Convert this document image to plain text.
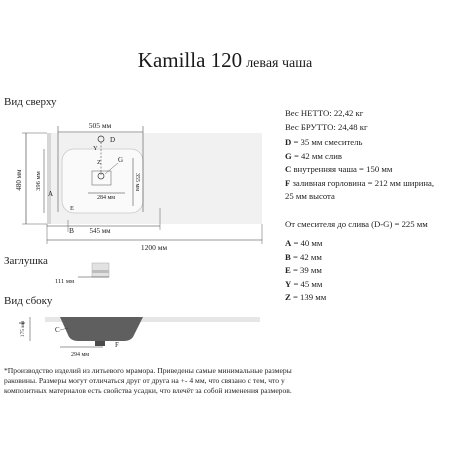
Kamilla 120 левая чаша
Вид сверху
Заглушка
Вид сбоку
505 мм
D
Y
Z G
284 мм
355 мм
E
480 мм 396 мм
A
B 545 мм
1200 мм
111 мм
175 мм	C
F
294 мм
Вес НЕТТО: 22,42 кг
Вес БРУТТО: 24,48 кг
D = 35 мм смеситель
G = 42 мм слив
C внутренняя чаша = 150 мм
F заливная горловина = 212 мм ширина,
25 мм высота
От смесителя до слива (D-G) = 225 мм
A = 40 мм
B = 42 мм
E = 39 мм
Y = 45 мм
Z = 139 мм
*Производство изделий из литьевого мрамора. Приведены самые минимальные размеры раковины. Размеры могут отличаться друг от друга на +- 4 мм, что связано с тем, что у композитных материалов есть свойства усадки, что влечёт за собой изменения размеров.
